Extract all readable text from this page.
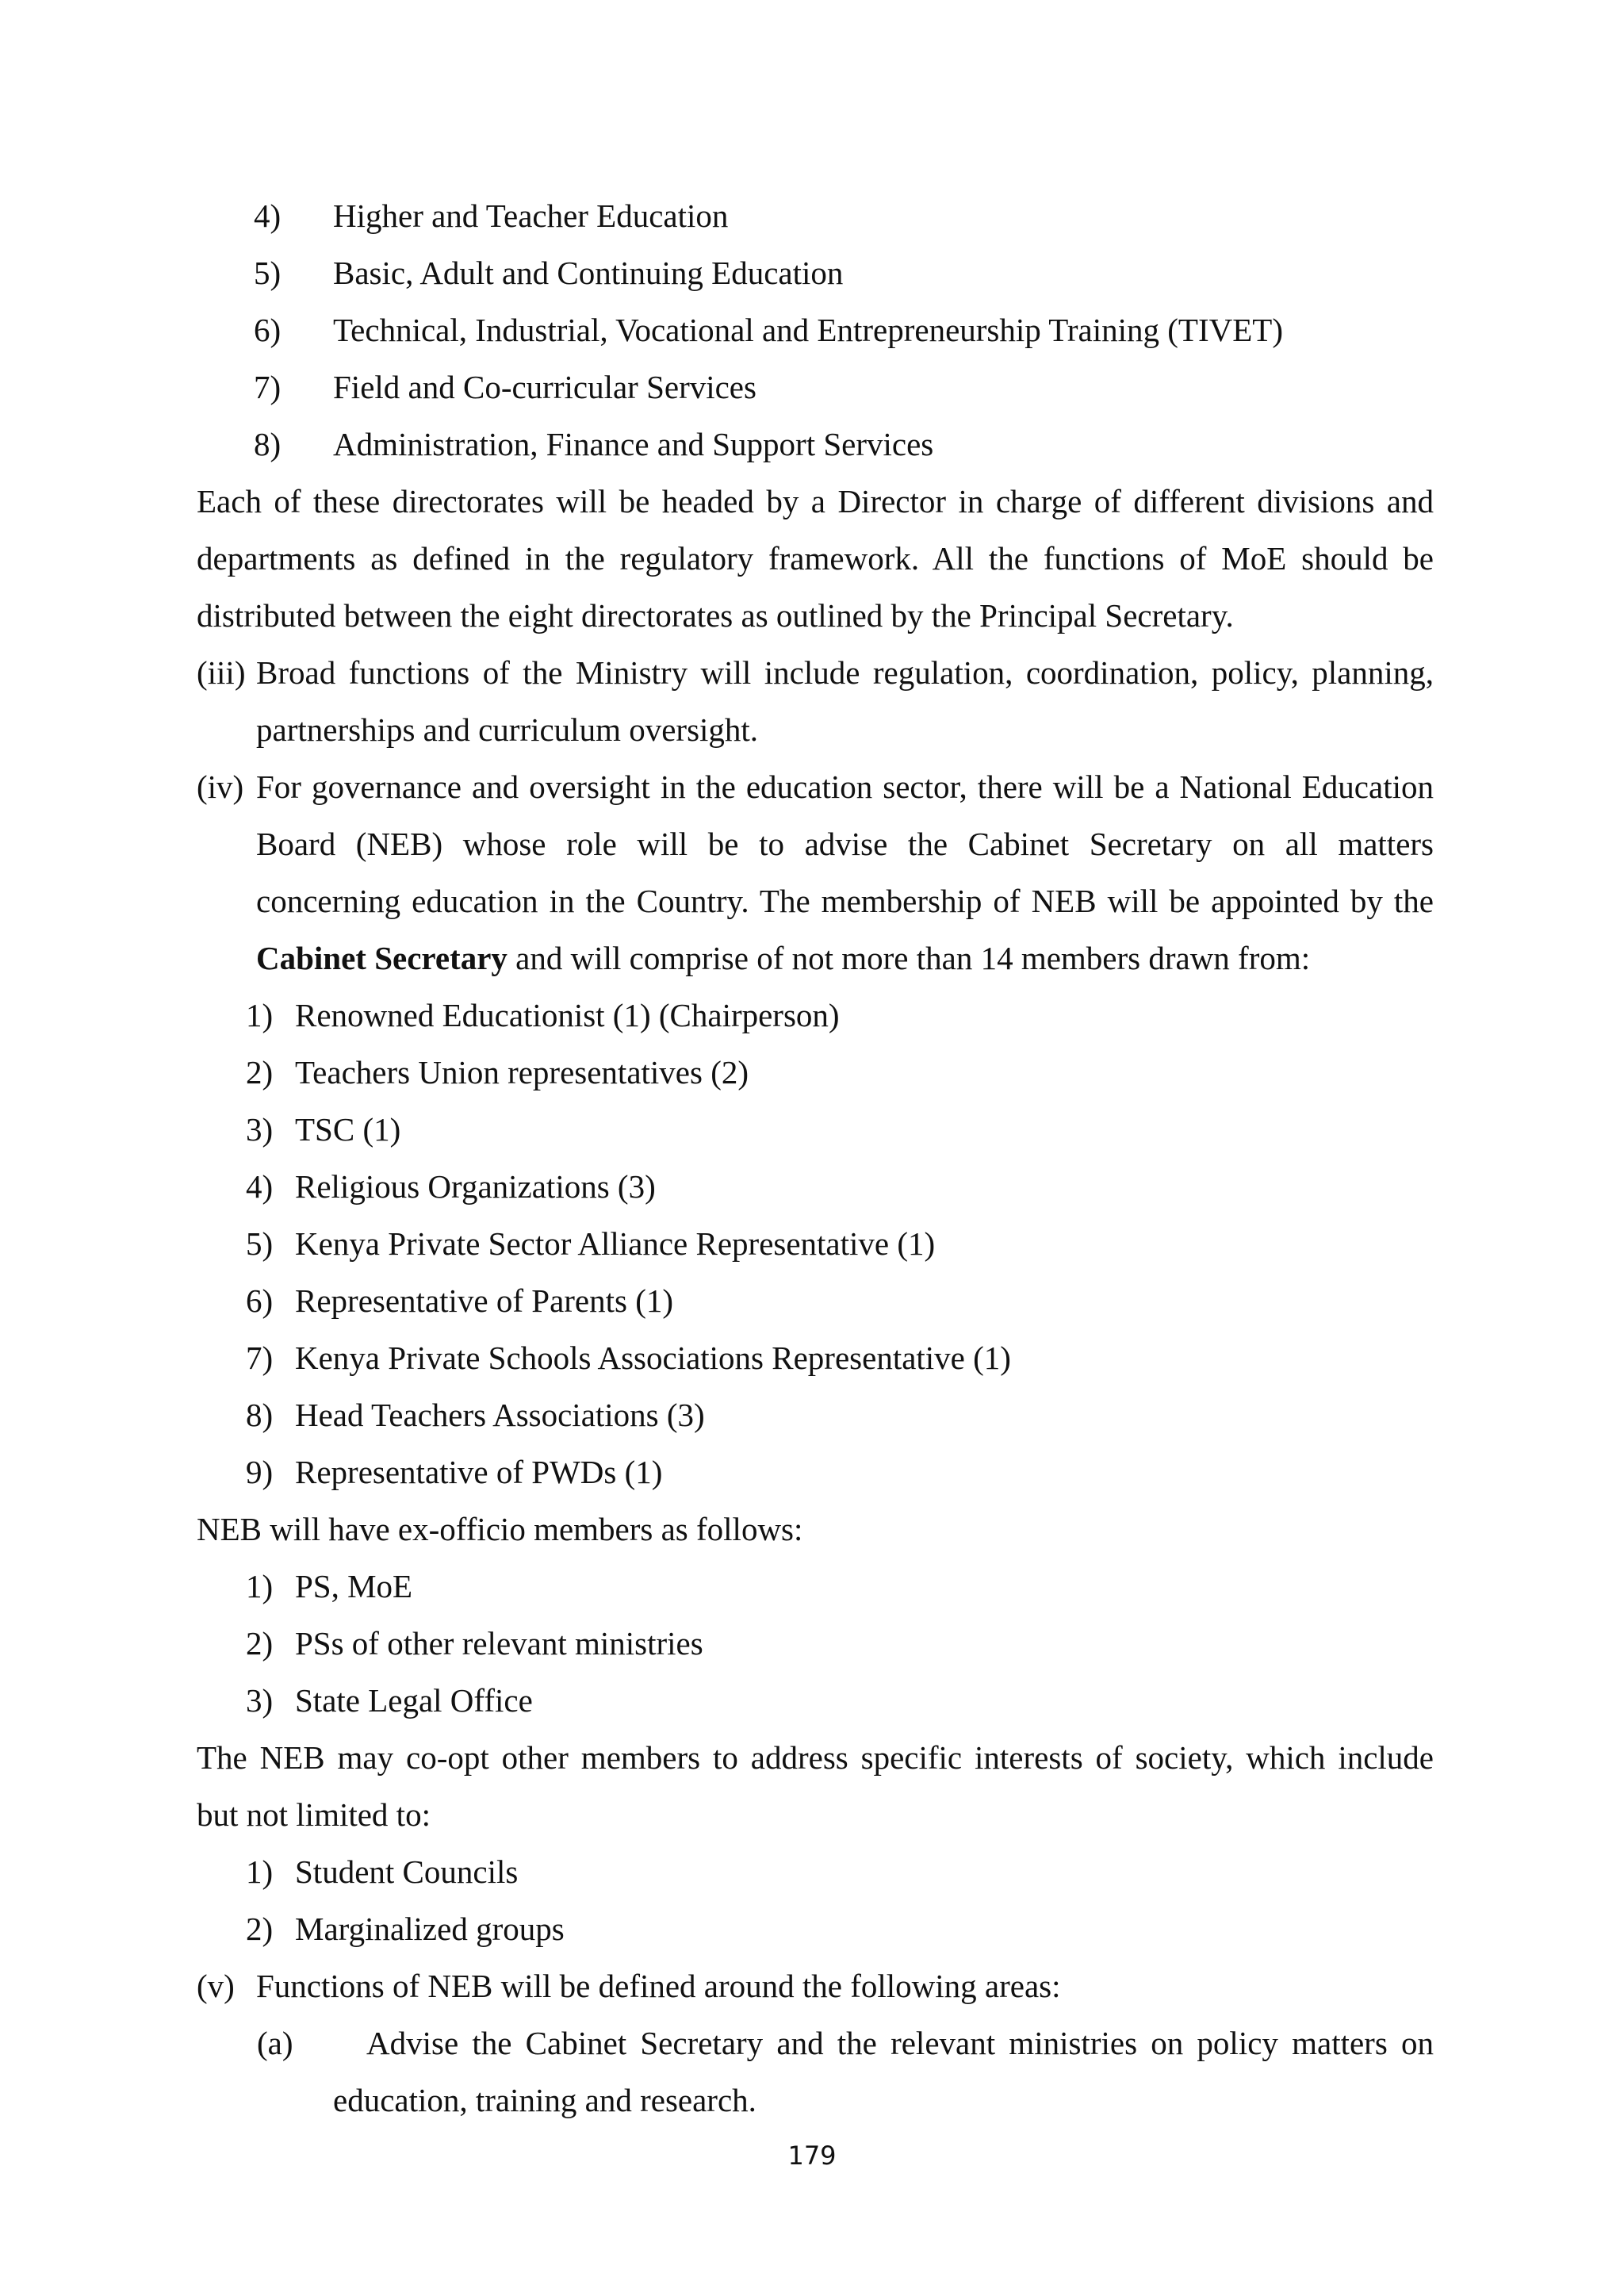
4) Higher and Teacher Education
5) Basic, Adult and Continuing Education
6) Technical, Industrial, Vocational and Entrepreneurship Training (TIVET)
7) Field and Co-curricular Services
8) Administration, Finance and Support Services
Each of these directorates will be headed by a Director in charge of different divisions and
departments as defined in the regulatory framework. All the functions of MoE should be
distributed between the eight directorates as outlined by the Principal Secretary.
(iii) Broad functions of the Ministry will include regulation, coordination, policy, planning,
partnerships and curriculum oversight.
(iv) For governance and oversight in the education sector, there will be a National Education
Board (NEB) whose role will be to advise the Cabinet Secretary on all matters
concerning education in the Country. The membership of NEB will be appointed by the
Cabinet Secretary and will comprise of not more than 14 members drawn from:
1) Renowned Educationist (1) (Chairperson)
2) Teachers Union representatives (2)
3) TSC (1)
4) Religious Organizations (3)
5) Kenya Private Sector Alliance Representative (1)
6) Representative of Parents (1)
7) Kenya Private Schools Associations Representative (1)
8) Head Teachers Associations (3)
9) Representative of PWDs (1)
NEB will have ex-officio members as follows:
1) PS, MoE
2) PSs of other relevant ministries
3) State Legal Office
The NEB may co-opt other members to address specific interests of society, which include
but not limited to:
1) Student Councils
2) Marginalized groups
(v) Functions of NEB will be defined around the following areas:
(a) Advise the Cabinet Secretary and the relevant ministries on policy matters on
education, training and research.
179
